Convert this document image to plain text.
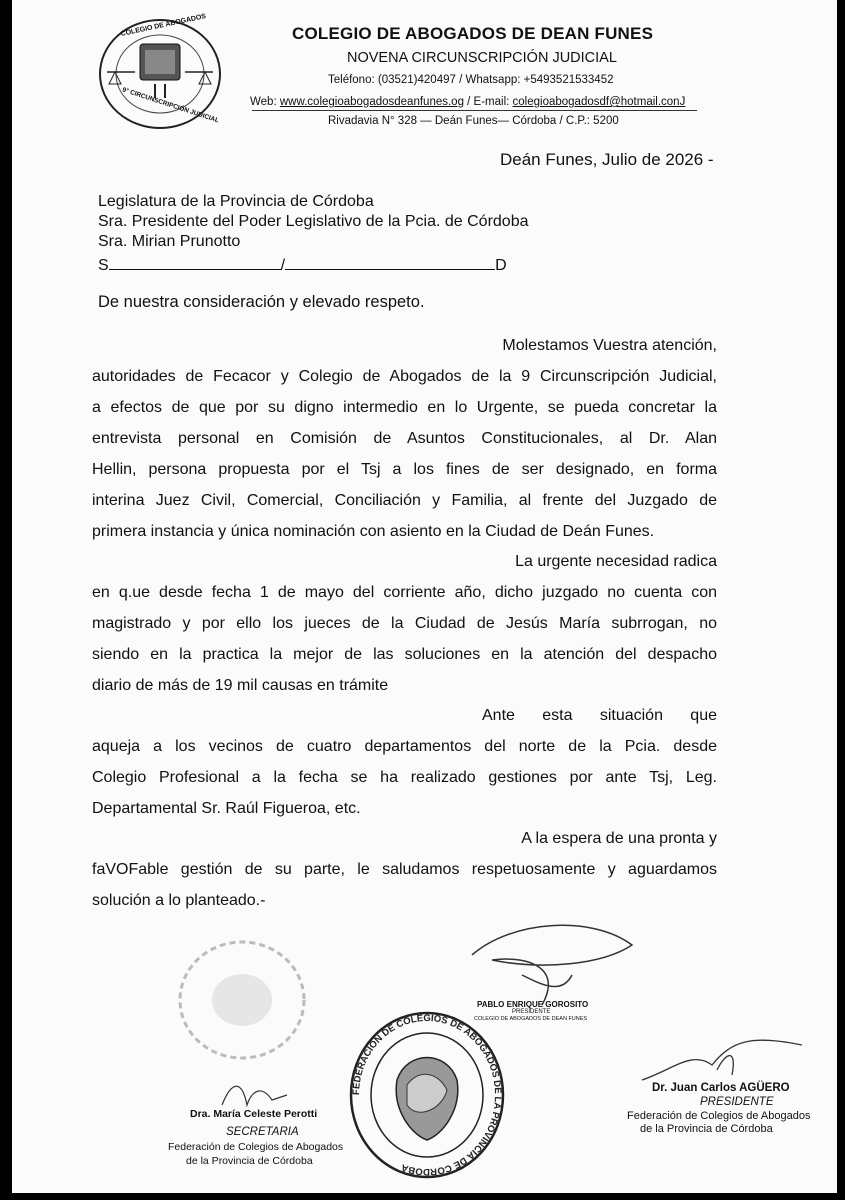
COLEGIO DE ABOGADOS
9° CIRCUNSCRIPCIÓN JUDICIAL
COLEGIO DE ABOGADOS DE DEAN FUNES
NOVENA CIRCUNSCRIPCIÓN JUDICIAL
Teléfono: (03521)420497 / Whatsapp: +5493521533452
Web: www.colegioabogadosdeanfunes.og / E-mail: colegioabogadosdf@hotmail.conJ
Rivadavia N° 328 — Deán Funes— Córdoba / C.P.: 5200
Deán Funes, Julio de 2026 -
Legislatura de la Provincia de Córdoba
Sra. Presidente del Poder Legislativo de la Pcia. de Córdoba
Sra. Mirian Prunotto
S	/	D
De nuestra consideración y elevado respeto.
Molestamos Vuestra atención,
autoridades de Fecacor y Colegio de Abogados de la 9 Circunscripción Judicial,
a efectos de que por su digno intermedio en lo Urgente, se pueda concretar la
entrevista personal en Comisión de Asuntos Constitucionales, al Dr. Alan
Hellin, persona propuesta por el Tsj a los fines de ser designado, en forma
interina Juez Civil, Comercial, Conciliación y Familia, al frente del Juzgado de
primera instancia y única nominación con asiento en la Ciudad de Deán Funes.
La urgente necesidad radica
en q.ue desde fecha 1 de mayo del corriente año, dicho juzgado no cuenta con
magistrado y por ello los jueces de la Ciudad de Jesús María subrrogan, no
siendo en la practica la mejor de las soluciones en la atención del despacho
diario de más de 19 mil causas en trámite
Ante esta situación que
aqueja a los vecinos de cuatro departamentos del norte de la Pcia. desde
Colegio Profesional a la fecha se ha realizado gestiones por ante Tsj, Leg.
Departamental Sr. Raúl Figueroa, etc.
A la espera de una pronta y
faVOFable gestión de su parte, le saludamos respetuosamente y aguardamos
solución a lo planteado.-
PABLO ENRIQUE GOROSITO
PRESIDENTE
COLEGIO DE ABOGADOS DE DEAN FUNES
FEDERACION DE COLEGIOS DE ABOGADOS DE LA PROVINCIA DE CORDOBA
Dra. María Celeste Perotti
SECRETARIA
Federación de Colegios de Abogados
de la Provincia de Córdoba
Dr. Juan Carlos AGÜERO
PRESIDENTE
Federación de Colegios de Abogados
de la Provincia de Córdoba
